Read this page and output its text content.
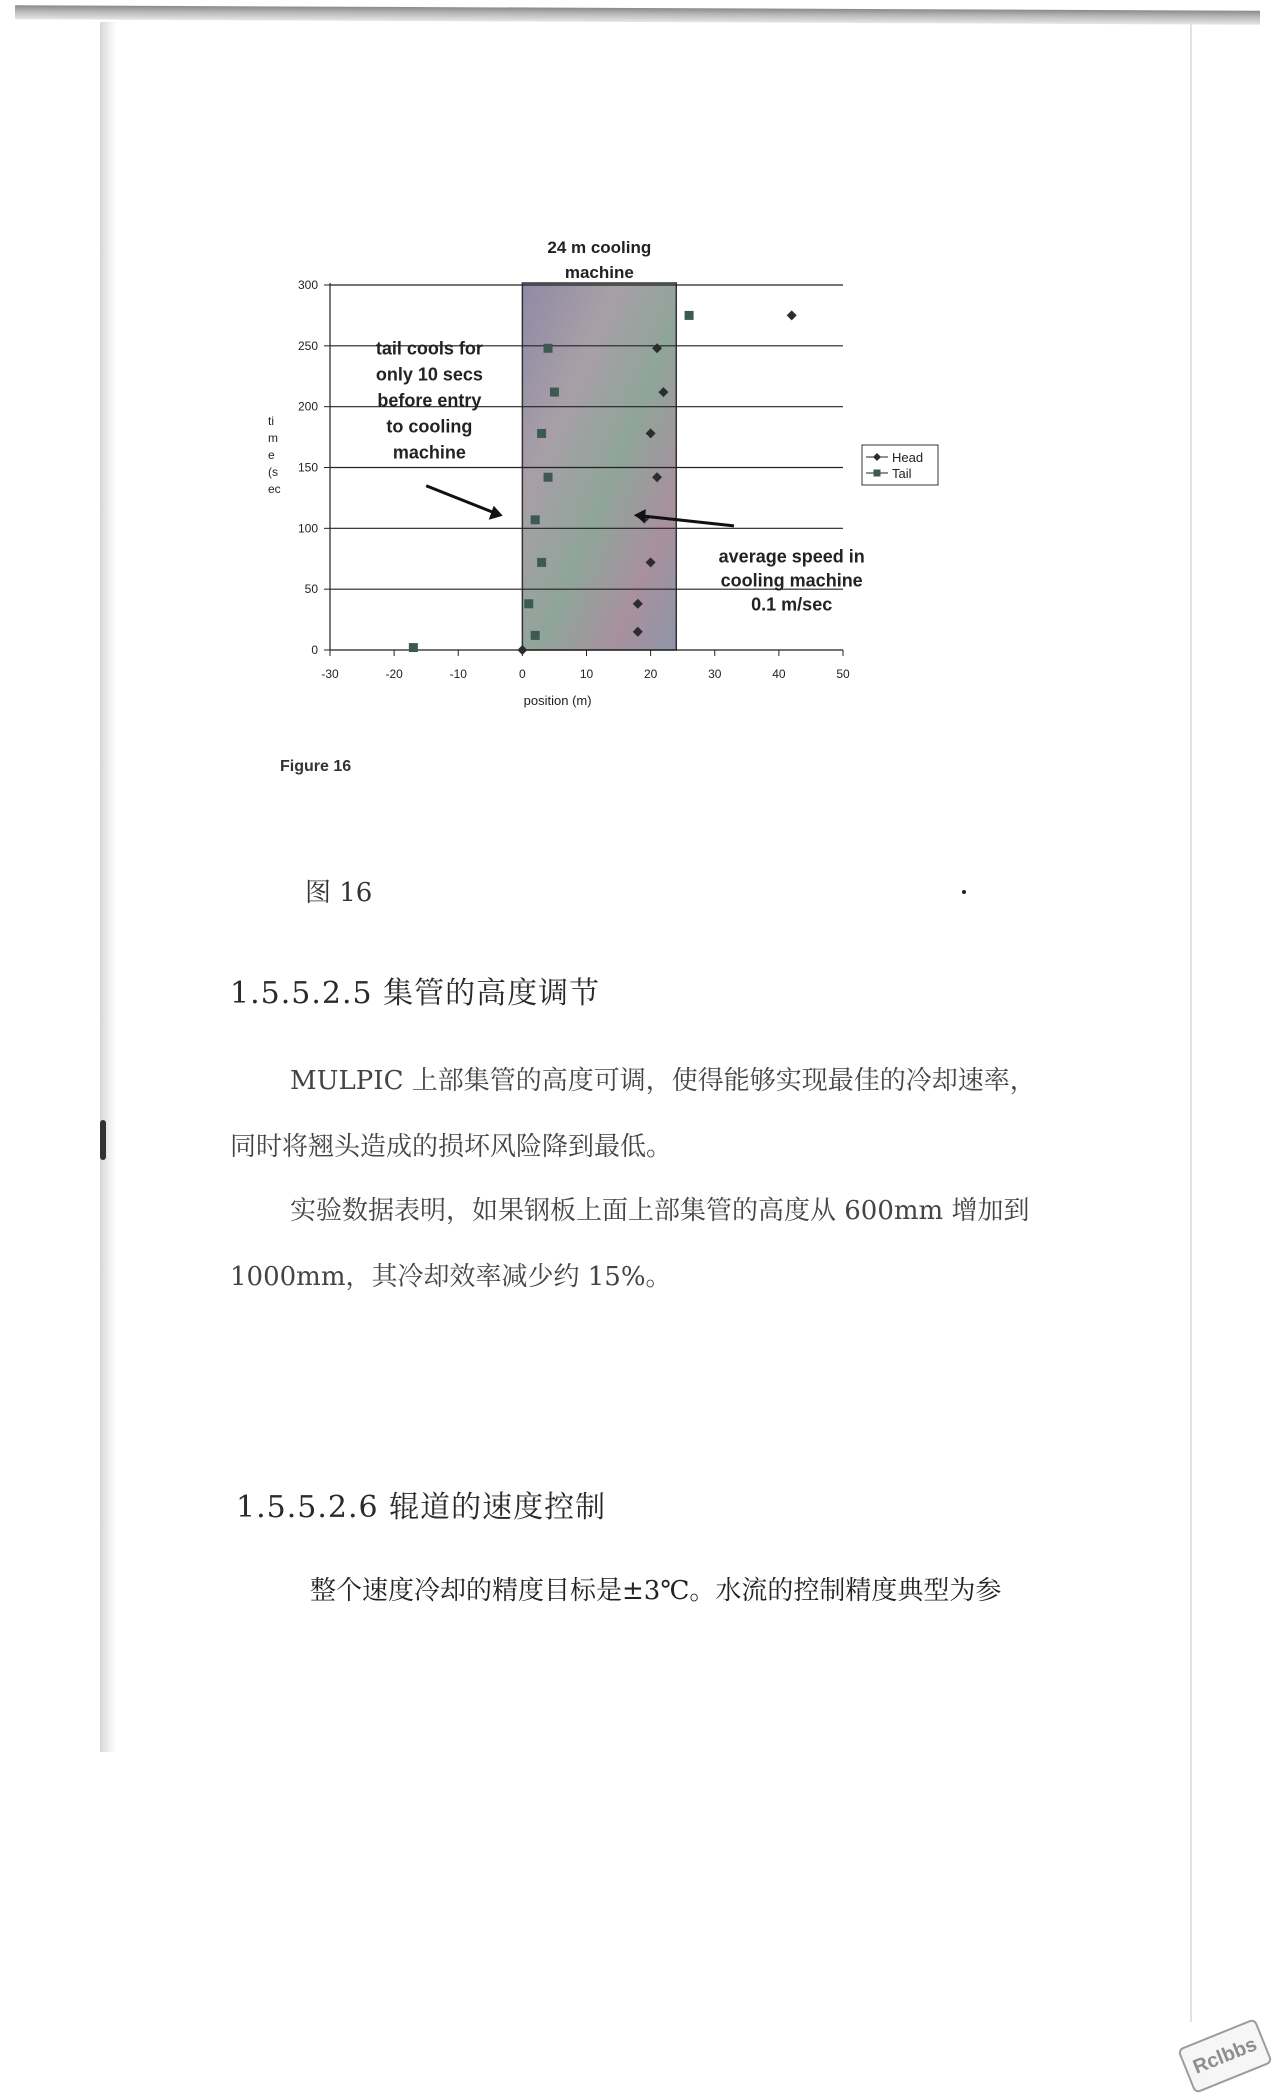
tail cools for
only 10 secs
before entry
to cooling
machine
average speed in
cooling machine
0.1 m/sec
300
250
200
150
100
50
0
-30	-20	-10	0	10	20	30	40	50
position (m)
ti
m
e
(s
ec
24 m cooling
machine
Head
Tail
Figure 16
图 16
1.5.5.2.5 集管的高度调节
MULPIC 上部集管的高度可调，使得能够实现最佳的冷却速率，
同时将翘头造成的损坏风险降到最低。
实验数据表明，如果钢板上面上部集管的高度从 600mm 增加到
1000mm，其冷却效率减少约 15%。
1.5.5.2.6 辊道的速度控制
整个速度冷却的精度目标是±3℃。水流的控制精度典型为参
Rclbbs
